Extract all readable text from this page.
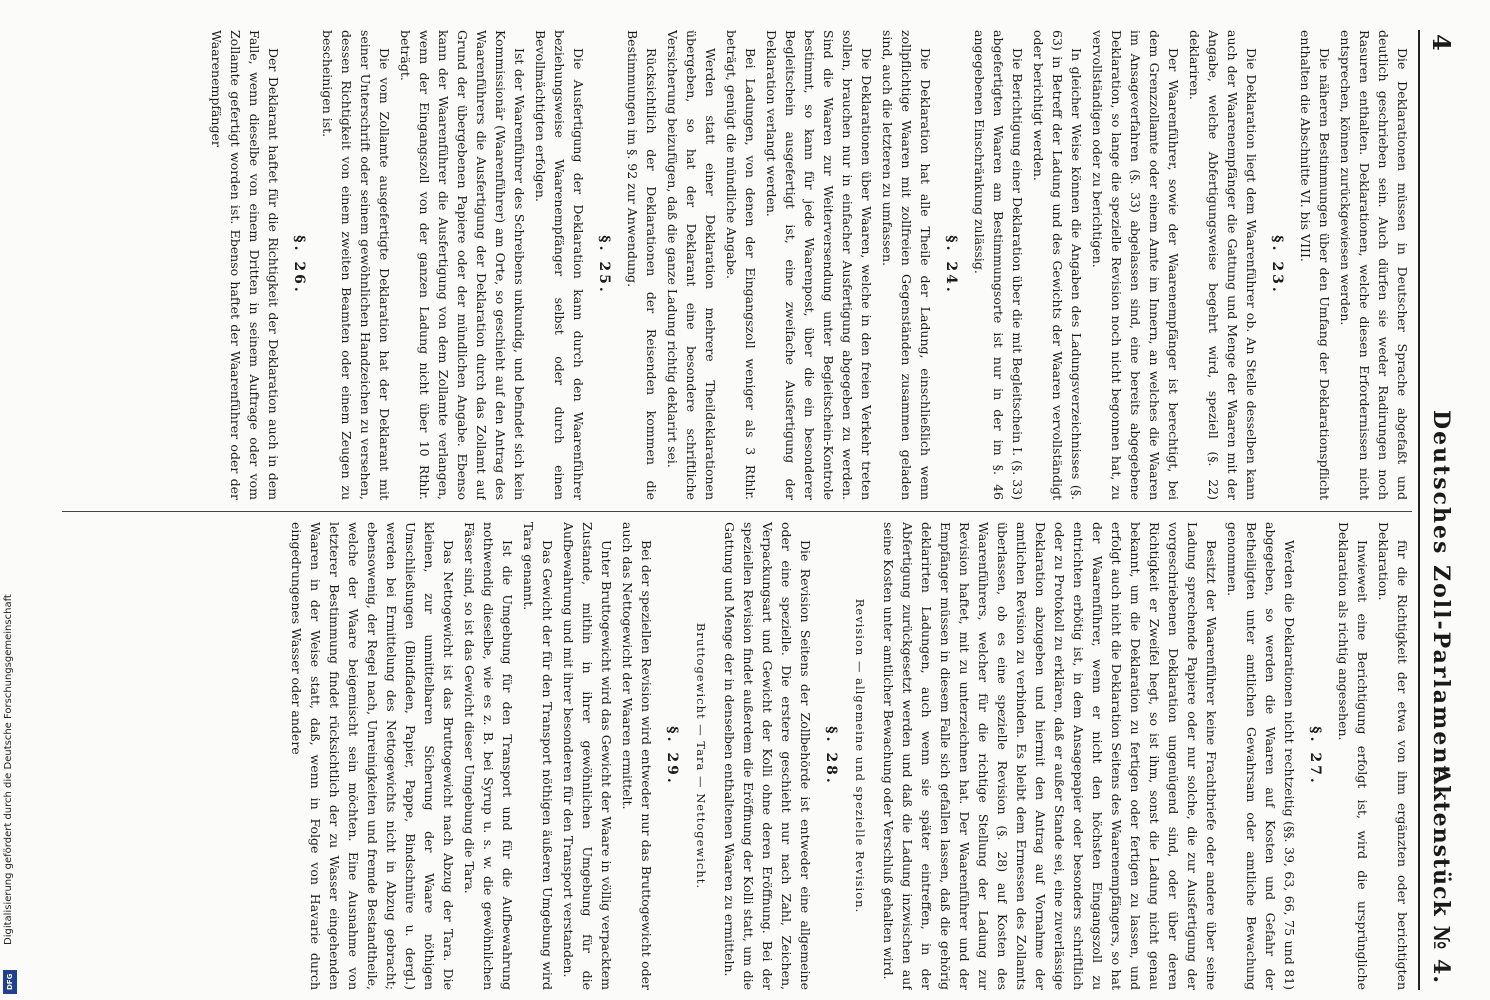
4
Deutsches Zoll-Parlament.
Aktenstück № 4.

Die Deklarationen müssen in Deutscher Sprache abgefaßt und deutlich geschrieben sein. Auch dürfen sie weder Radirungen noch Rasuren enthalten. Deklarationen, welche diesen Erfordernissen nicht entsprechen, können zurückgewiesen werden.

Die näheren Bestimmungen über den Umfang der Deklarationspflicht enthalten die Abschnitte VI. bis VIII.

§. 23.

Die Deklaration liegt dem Waarenführer ob. An Stelle desselben kann auch der Waarenempfänger die Gattung und Menge der Waaren mit der Angabe, welche Abfertigungsweise begehrt wird, speziell (§. 22) deklariren.

Der Waarenführer, sowie der Waarenempfänger ist berechtigt, bei dem Grenzzollamte oder einem Amte im Innern, an welches die Waaren im Ansageverfahren (§. 33) abgelassen sind, eine bereits abgegebene Deklaration, so lange die spezielle Revision noch nicht begonnen hat, zu vervollständigen oder zu berichtigen.

In gleicher Weise können die Angaben des Ladungsverzeichnisses (§. 63) in Betreff der Ladung und des Gewichts der Waaren vervollständigt oder berichtigt werden.

Die Berichtigung einer Deklaration über die mit Begleitschein I. (§. 33) abgefertigten Waaren am Bestimmungsorte ist nur in der im §. 46 angegebenen Einschränkung zulässig.

§. 24.

Die Deklaration hat alle Theile der Ladung, einschließlich wenn zollpflichtige Waaren mit zollfreien Gegenständen zusammen geladen sind, auch die letzteren zu umfassen.

Die Deklarationen über Waaren, welche in den freien Verkehr treten sollen, brauchen nur in einfacher Ausfertigung abgegeben zu werden. Sind die Waaren zur Weiterversendung unter Begleitschein-Kontrole bestimmt, so kann für jede Waarenpost, über die ein besonderer Begleitschein ausgefertigt ist, eine zweifache Ausfertigung der Deklaration verlangt werden.

Bei Ladungen, von denen der Eingangszoll weniger als 3 Rthlr. beträgt, genügt die mündliche Angabe.

Werden statt einer Deklaration mehrere Theildeklarationen übergeben, so hat der Deklarant eine besondere schriftliche Versicherung beizufügen, daß die ganze Ladung richtig deklarirt sei.

Rücksichtlich der Deklarationen der Reisenden kommen die Bestimmungen im §. 92 zur Anwendung.

§. 25.

Die Ausfertigung der Deklaration kann durch den Waarenführer beziehungsweise Waarenempfänger selbst oder durch einen Bevollmächtigten erfolgen.

Ist der Waarenführer des Schreibens unkundig, und befindet sich kein Kommissionär (Waarenführer) am Orte, so geschieht auf den Antrag des Waarenführers die Ausfertigung der Deklaration durch das Zollamt auf Grund der übergebenen Papiere oder der mündlichen Angabe. Ebenso kann der Waarenführer die Ausfertigung von dem Zollamte verlangen, wenn der Eingangszoll von der ganzen Ladung nicht über 10 Rthlr. beträgt.

Die vom Zollamte ausgefertigte Deklaration hat der Deklarant mit seiner Unterschrift oder seinem gewöhnlichen Handzeichen zu versehen, dessen Richtigkeit von einem zweiten Beamten oder einem Zeugen zu bescheinigen ist.

§. 26.

Der Deklarant haftet für die Richtigkeit der Deklaration auch in dem Falle, wenn dieselbe von einem Dritten in seinem Auftrage oder vom Zollamte gefertigt worden ist. Ebenso haftet der Waarenführer oder der Waarenempfänger

für die Richtigkeit der etwa von ihm ergänzten oder berichtigten Deklaration.

Inwieweit eine Berichtigung erfolgt ist, wird die ursprüngliche Deklaration als richtig angesehen.

§. 27.

Werden die Deklarationen nicht rechtzeitig (§§. 39, 63, 66, 75 und 81) abgegeben, so werden die Waaren auf Kosten und Gefahr der Betheiligten unter amtlichen Gewahrsam oder amtliche Bewachung genommen.

Besitzt der Waarenführer keine Frachtbriefe oder andere über seine Ladung sprechende Papiere oder nur solche, die zur Ausfertigung der vorgeschriebenen Deklaration ungenügend sind, oder über deren Richtigkeit er Zweifel hegt, so ist ihm, sonst die Ladung nicht genau bekannt, um die Deklaration zu fertigen oder fertigen zu lassen, und erfolgt auch nicht die Deklaration Seitens des Waarenempfängers, so hat der Waarenführer, wenn er nicht den höchsten Eingangszoll zu entrichten erbötig ist, in dem Ansagepapier oder besonders schriftlich oder zu Protokoll zu erklären, daß er außer Stande sei, eine zuverlässige Deklaration abzugeben und hiermit den Antrag auf Vornahme der amtlichen Revision zu verbinden. Es bleibt dem Ermessen des Zollamts überlassen, ob es eine spezielle Revision (§. 28) auf Kosten des Waarenführers, welcher für die richtige Stellung der Ladung zur Revision haftet, mit zu unterzeichnen hat. Der Waarenführer und der Empfänger müssen in diesem Falle sich gefallen lassen, daß die gehörig deklarirten Ladungen, auch wenn sie später eintreffen, in der Abfertigung zurückgesetzt werden und daß die Ladung inzwischen auf seine Kosten unter amtlicher Bewachung oder Verschluß gehalten wird.

Revision — allgemeine und spezielle Revision.

§. 28.

Die Revision Seitens der Zollbehörde ist entweder eine allgemeine oder eine spezielle. Die erstere geschieht nur nach Zahl, Zeichen, Verpackungsart und Gewicht der Kolli ohne deren Eröffnung. Bei der speziellen Revision findet außerdem die Eröffnung der Kolli statt, um die Gattung und Menge der in denselben enthaltenen Waaren zu ermitteln.

Bruttogewicht — Tara — Nettogewicht.

§. 29.

Bei der speziellen Revision wird entweder nur das Bruttogewicht oder auch das Nettogewicht der Waaren ermittelt.

Unter Bruttogewicht wird das Gewicht der Waare in völlig verpacktem Zustande, mithin in ihrer gewöhnlichen Umgebung für die Aufbewahrung und mit ihrer besonderen für den Transport verstanden.

Das Gewicht der für den Transport nöthigen äußeren Umgebung wird Tara genannt.

Ist die Umgebung für den Transport und für die Aufbewahrung nothwendig dieselbe, wie es z. B. bei Syrup u. s. w. die gewöhnlichen Fässer sind, so ist das Gewicht dieser Umgebung die Tara.

Das Nettogewicht ist das Bruttogewicht nach Abzug der Tara. Die kleinen, zur unmittelbaren Sicherung der Waare nöthigen Umschließungen (Bindfaden, Papier, Pappe, Bindschnüre u. dergl.) werden bei Ermittelung des Nettogewichts nicht in Abzug gebracht; ebensowenig, der Regel nach, Unreinigkeiten und fremde Bestandtheile, welche der Waare beigemischt sein möchten. Eine Ausnahme von letzterer Bestimmung findet rücksichtlich der zu Wasser eingehenden Waaren in der Weise statt, daß, wenn in Folge von Havarie durch eingedrungenes Wasser oder andere

Digitalisierung gefördert durch die Deutsche Forschungsgemeinschaft
DFG
